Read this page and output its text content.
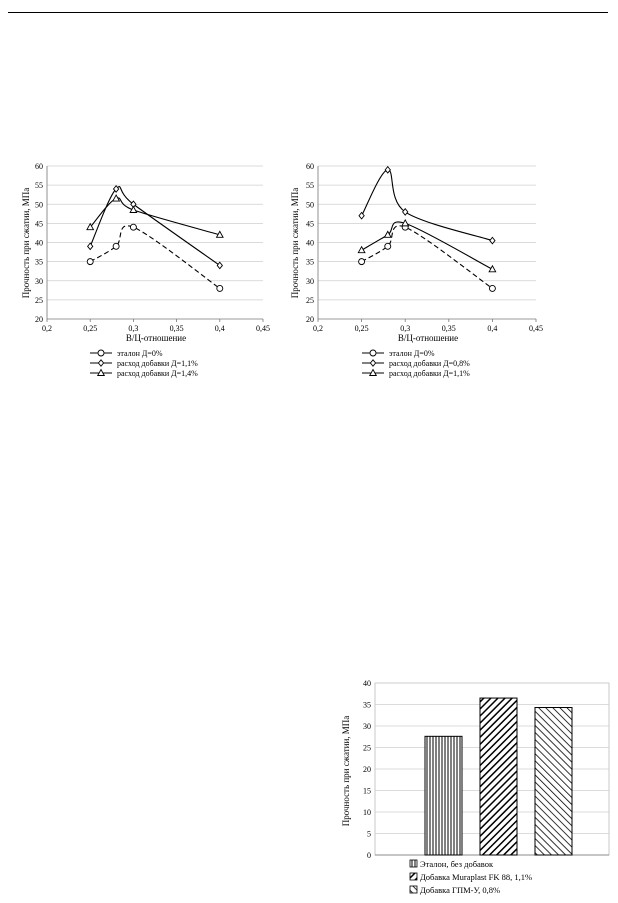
Прочность при сжатии, МПа
В/Ц-отношение
20
25
30
35
40
45
50
55
60
0,2	0,25	0,3	0,35	0,4	0,45
эталон Д=0%
расход добавки Д=1,1%
расход добавки Д=1,4%
Прочность при сжатии, МПа
В/Ц-отношение
20
25
30
35
40
45
50
55
60
0,2	0,25	0,3	0,35	0,4	0,45
эталон Д=0%
расход добавки Д=0,8%
расход добавки Д=1,1%
Прочность при сжатии, МПа
0
5
10
15
20
25
30
35
40
Эталон, без добавок
Добавка Muraplast FK 88, 1,1%
Добавка ГПМ-У, 0,8%
